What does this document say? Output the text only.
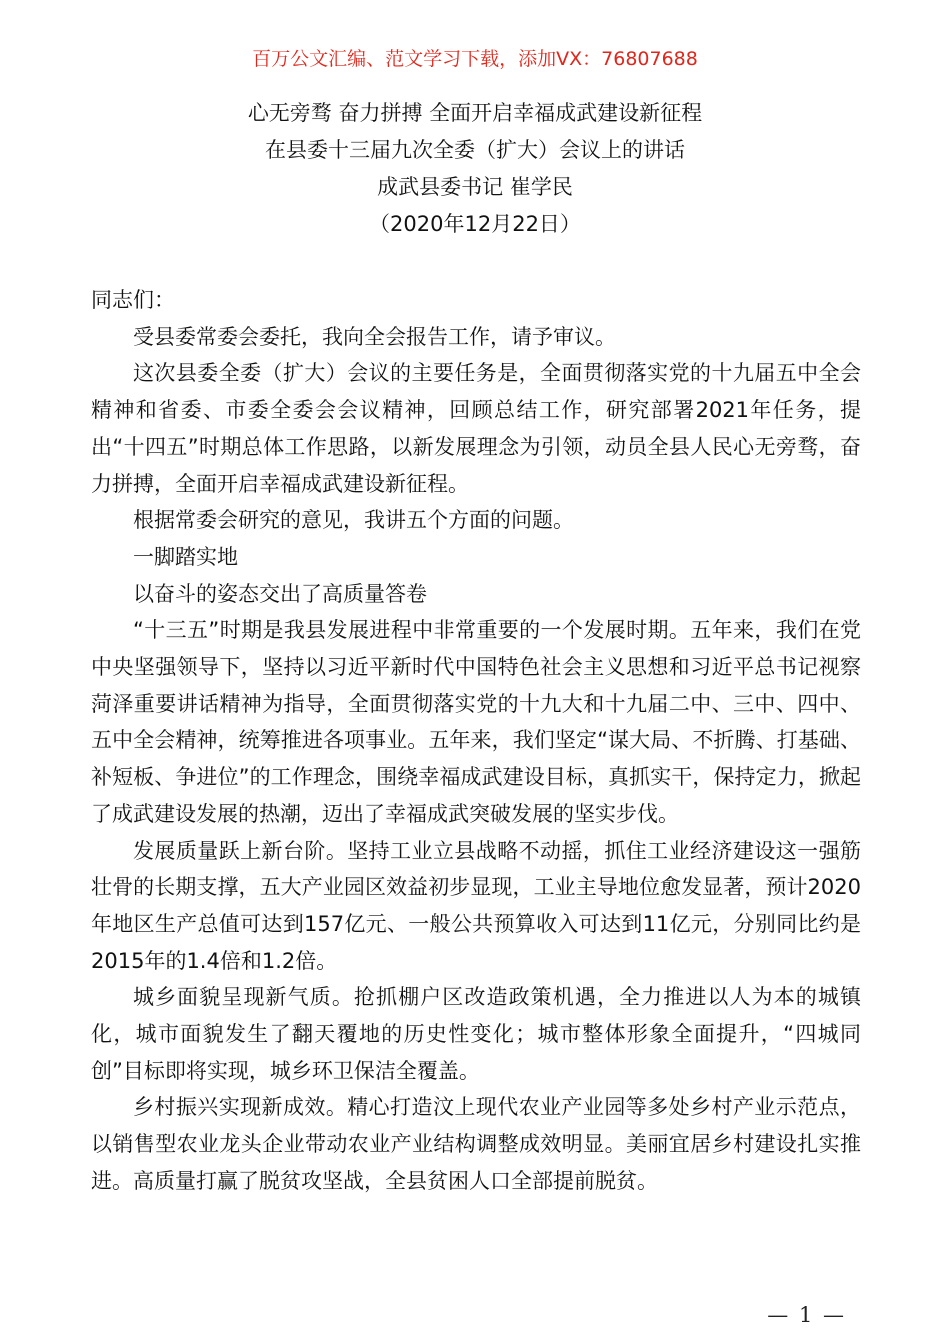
百万公文汇编、范文学习下载，添加VX：76807688
心无旁骛 奋力拼搏 全面开启幸福成武建设新征程
在县委十三届九次全委（扩大）会议上的讲话
成武县委书记 崔学民
（2020年12月22日）

同志们：

受县委常委会委托，我向全会报告工作，请予审议。

这次县委全委（扩大）会议的主要任务是，全面贯彻落实党的十九届五中全会精神和省委、市委全委会会议精神，回顾总结工作，研究部署2021年任务，提出“十四五”时期总体工作思路，以新发展理念为引领，动员全县人民心无旁骛，奋力拼搏，全面开启幸福成武建设新征程。

根据常委会研究的意见，我讲五个方面的问题。

一脚踏实地

以奋斗的姿态交出了高质量答卷

“十三五”时期是我县发展进程中非常重要的一个发展时期。五年来，我们在党中央坚强领导下，坚持以习近平新时代中国特色社会主义思想和习近平总书记视察菏泽重要讲话精神为指导，全面贯彻落实党的十九大和十九届二中、三中、四中、五中全会精神，统筹推进各项事业。五年来，我们坚定“谋大局、不折腾、打基础、补短板、争进位”的工作理念，围绕幸福成武建设目标，真抓实干，保持定力，掀起了成武建设发展的热潮，迈出了幸福成武突破发展的坚实步伐。

发展质量跃上新台阶。坚持工业立县战略不动摇，抓住工业经济建设这一强筋壮骨的长期支撑，五大产业园区效益初步显现，工业主导地位愈发显著，预计2020年地区生产总值可达到157亿元、一般公共预算收入可达到11亿元，分别同比约是2015年的1.4倍和1.2倍。

城乡面貌呈现新气质。抢抓棚户区改造政策机遇，全力推进以人为本的城镇化，城市面貌发生了翻天覆地的历史性变化；城市整体形象全面提升，“四城同创”目标即将实现，城乡环卫保洁全覆盖。

乡村振兴实现新成效。精心打造汶上现代农业产业园等多处乡村产业示范点，以销售型农业龙头企业带动农业产业结构调整成效明显。美丽宜居乡村建设扎实推进。高质量打赢了脱贫攻坚战，全县贫困人口全部提前脱贫。

— 1 —
